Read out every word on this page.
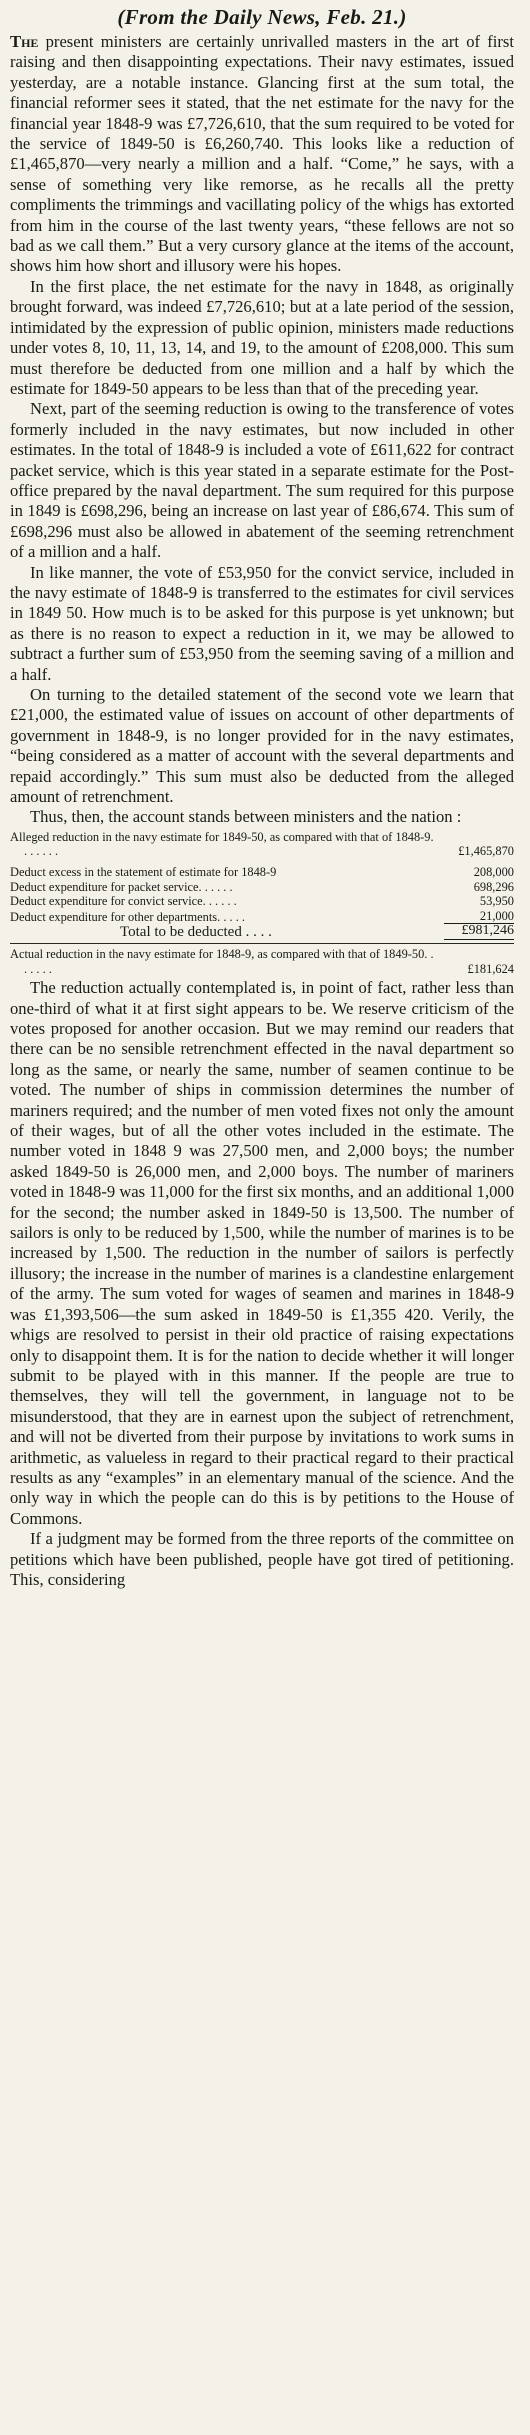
(From the Daily News, Feb. 21.)

The present ministers are certainly unrivalled masters in the art of first raising and then disappointing expectations. Their navy estimates, issued yesterday, are a notable instance. Glancing first at the sum total, the financial reformer sees it stated, that the net estimate for the navy for the financial year 1848-9 was £7,726,610, that the sum required to be voted for the service of 1849-50 is £6,260,740. This looks like a reduction of £1,465,870—very nearly a million and a half. “Come,” he says, with a sense of something very like remorse, as he recalls all the pretty compliments the trimmings and vacillating policy of the whigs has extorted from him in the course of the last twenty years, “these fellows are not so bad as we call them.” But a very cursory glance at the items of the account, shows him how short and illusory were his hopes.

In the first place, the net estimate for the navy in 1848, as originally brought forward, was indeed £7,726,610; but at a late period of the session, intimidated by the expression of public opinion, ministers made reductions under votes 8, 10, 11, 13, 14, and 19, to the amount of £208,000. This sum must therefore be deducted from one million and a half by which the estimate for 1849-50 appears to be less than that of the preceding year.

Next, part of the seeming reduction is owing to the transference of votes formerly included in the navy estimates, but now included in other estimates. In the total of 1848-9 is included a vote of £611,622 for contract packet service, which is this year stated in a separate estimate for the Post-office prepared by the naval department. The sum required for this purpose in 1849 is £698,296, being an increase on last year of £86,674. This sum of £698,296 must also be allowed in abatement of the seeming retrenchment of a million and a half.

In like manner, the vote of £53,950 for the convict service, included in the navy estimate of 1848-9 is transferred to the estimates for civil services in 1849 50. How much is to be asked for this purpose is yet unknown; but as there is no reason to expect a reduction in it, we may be allowed to subtract a further sum of £53,950 from the seeming saving of a million and a half.

On turning to the detailed statement of the second vote we learn that £21,000, the estimated value of issues on account of other departments of government in 1848-9, is no longer provided for in the navy estimates, “being considered as a matter of account with the several departments and repaid accordingly.” This sum must also be deducted from the alleged amount of retrenchment.

Thus, then, the account stands between ministers and the nation :

Alleged reduction in the navy estimate for 1849-50, as compared with that of 1848-9. . . . . . .	£1,465,870
Deduct excess in the statement of estimate for 1848-9	208,000
Deduct expenditure for packet service. . . . . .	698,296
Deduct expenditure for convict service. . . . . .	53,950
Deduct expenditure for other departments. . . . .	21,000
Total to be deducted . . . .	£981,246
Actual reduction in the navy estimate for 1848-9, as compared with that of 1849-50. . . . . . .	£181,624

The reduction actually contemplated is, in point of fact, rather less than one-third of what it at first sight appears to be. We reserve criticism of the votes proposed for another occasion. But we may remind our readers that there can be no sensible retrenchment effected in the naval department so long as the same, or nearly the same, number of seamen continue to be voted. The number of ships in commission determines the number of mariners required; and the number of men voted fixes not only the amount of their wages, but of all the other votes included in the estimate. The number voted in 1848 9 was 27,500 men, and 2,000 boys; the number asked 1849-50 is 26,000 men, and 2,000 boys. The number of mariners voted in 1848-9 was 11,000 for the first six months, and an additional 1,000 for the second; the number asked in 1849-50 is 13,500. The number of sailors is only to be reduced by 1,500, while the number of marines is to be increased by 1,500. The reduction in the number of sailors is perfectly illusory; the increase in the number of marines is a clandestine enlargement of the army. The sum voted for wages of seamen and marines in 1848-9 was £1,393,506—the sum asked in 1849-50 is £1,355 420. Verily, the whigs are resolved to persist in their old practice of raising expectations only to disappoint them. It is for the nation to decide whether it will longer submit to be played with in this manner. If the people are true to themselves, they will tell the government, in language not to be misunderstood, that they are in earnest upon the subject of retrenchment, and will not be diverted from their purpose by invitations to work sums in arithmetic, as valueless in regard to their practical regard to their practical results as any “examples” in an elementary manual of the science. And the only way in which the people can do this is by petitions to the House of Commons.

If a judgment may be formed from the three reports of the committee on petitions which have been published, people have got tired of petitioning. This, considering
